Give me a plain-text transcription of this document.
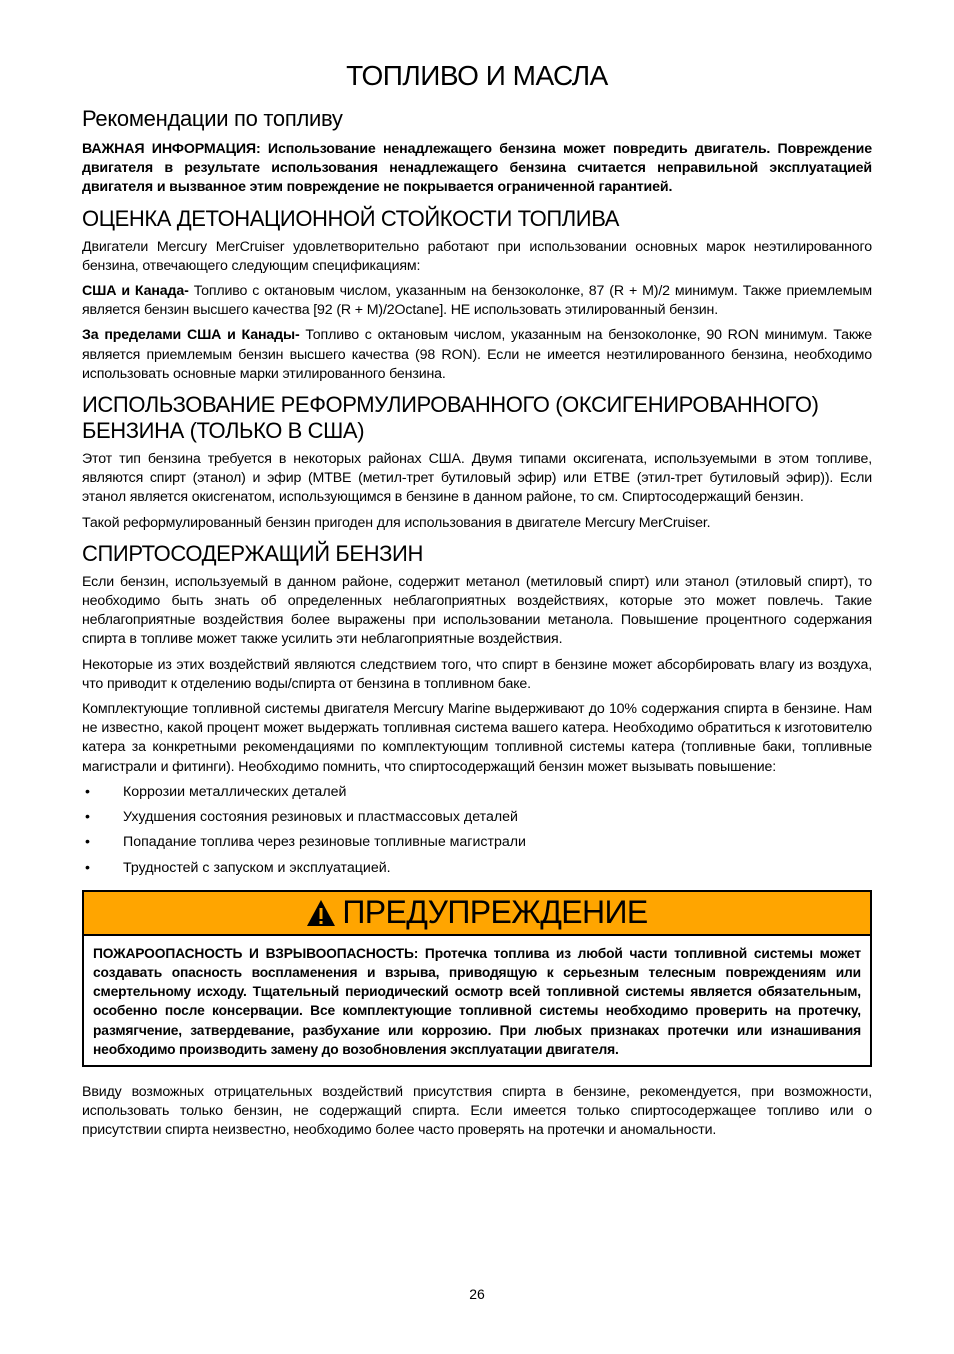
ТОПЛИВО И МАСЛА
Рекомендации по топливу

ВАЖНАЯ ИНФОРМАЦИЯ: Использование ненадлежащего бензина может повредить двигатель. Повреждение двигателя в результате использования ненадлежащего бензина считается неправильной эксплуатацией двигателя и вызванное этим повреждение не покрывается ограниченной гарантией.

ОЦЕНКА ДЕТОНАЦИОННОЙ СТОЙКОСТИ ТОПЛИВА

Двигатели Mercury MerCruiser удовлетворительно работают при использовании основных марок неэтилированного бензина, отвечающего следующим спецификациям:

США и Канада- Топливо с октановым числом, указанным на бензоколонке, 87 (R + M)/2 минимум. Также приемлемым является бензин высшего качества [92 (R + M)/2Octane]. НЕ использовать этилированный бензин.

За пределами США и Канады- Топливо с октановым числом, указанным на бензоколонке, 90 RON минимум. Также является приемлемым бензин высшего качества (98 RON). Если не имеется неэтилированного бензина, необходимо использовать основные марки этилированного бензина.

ИСПОЛЬЗОВАНИЕ РЕФОРМУЛИРОВАННОГО (ОКСИГЕНИРОВАННОГО) БЕНЗИНА (ТОЛЬКО В США)

Этот тип бензина требуется в некоторых районах США. Двумя типами оксигената, используемыми в этом топливе, являются спирт (этанол) и эфир (МТВЕ (метил-трет бутиловый эфир) или ЕТВЕ (этил-трет бутиловый эфир)). Если этанол является окисгенатом, использующимся в бензине в данном районе, то см. Спиртосодержащий бензин.

Такой реформулированный бензин пригоден для использования в двигателе Mercury MerCruiser.

СПИРТОСОДЕРЖАЩИЙ БЕНЗИН

Если бензин, используемый в данном районе, содержит метанол (метиловый спирт) или этанол (этиловый спирт), то необходимо быть знать об определенных неблагоприятных воздействиях, которые это может повлечь. Такие неблагоприятные воздействия более выражены при использовании метанола. Повышение процентного содержания спирта в топливе может также усилить эти неблагоприятные воздействия.

Некоторые из этих воздействий являются следствием того, что спирт в бензине может абсорбировать влагу из воздуха, что приводит к отделению воды/спирта от бензина в топливном баке.

Комплектующие топливной системы двигателя Mercury Marine выдерживают до 10% содержания спирта в бензине. Нам не известно, какой процент может выдержать топливная система вашего катера. Необходимо обратиться к изготовителю катера за конкретными рекомендациями по комплектующим топливной системы катера (топливные баки, топливные магистрали и фитинги). Необходимо помнить, что спиртосодержащий бензин может вызывать повышение:

• Коррозии металлических деталей
• Ухудшения состояния резиновых и пластмассовых деталей
• Попадание топлива через резиновые топливные магистрали
• Трудностей с запуском и эксплуатацией.
ПРЕДУПРЕЖДЕНИЕ

ПОЖАРООПАСНОСТЬ И ВЗРЫВООПАСНОСТЬ: Протечка топлива из любой части топливной системы может создавать опасность воспламенения и взрыва, приводящую к серьезным телесным повреждениям или смертельному исходу. Тщательный периодический осмотр всей топливной системы является обязательным, особенно после консервации. Все комплектующие топливной системы необходимо проверить на протечку, размягчение, затвердевание, разбухание или коррозию. При любых признаках протечки или изнашивания необходимо производить замену до возобновления эксплуатации двигателя.

Ввиду возможных отрицательных воздействий присутствия спирта в бензине, рекомендуется, при возможности, использовать только бензин, не содержащий спирта. Если имеется только спиртосодержащее топливо или о присутствии спирта неизвестно, необходимо более часто проверять на протечки и аномальности.

26
